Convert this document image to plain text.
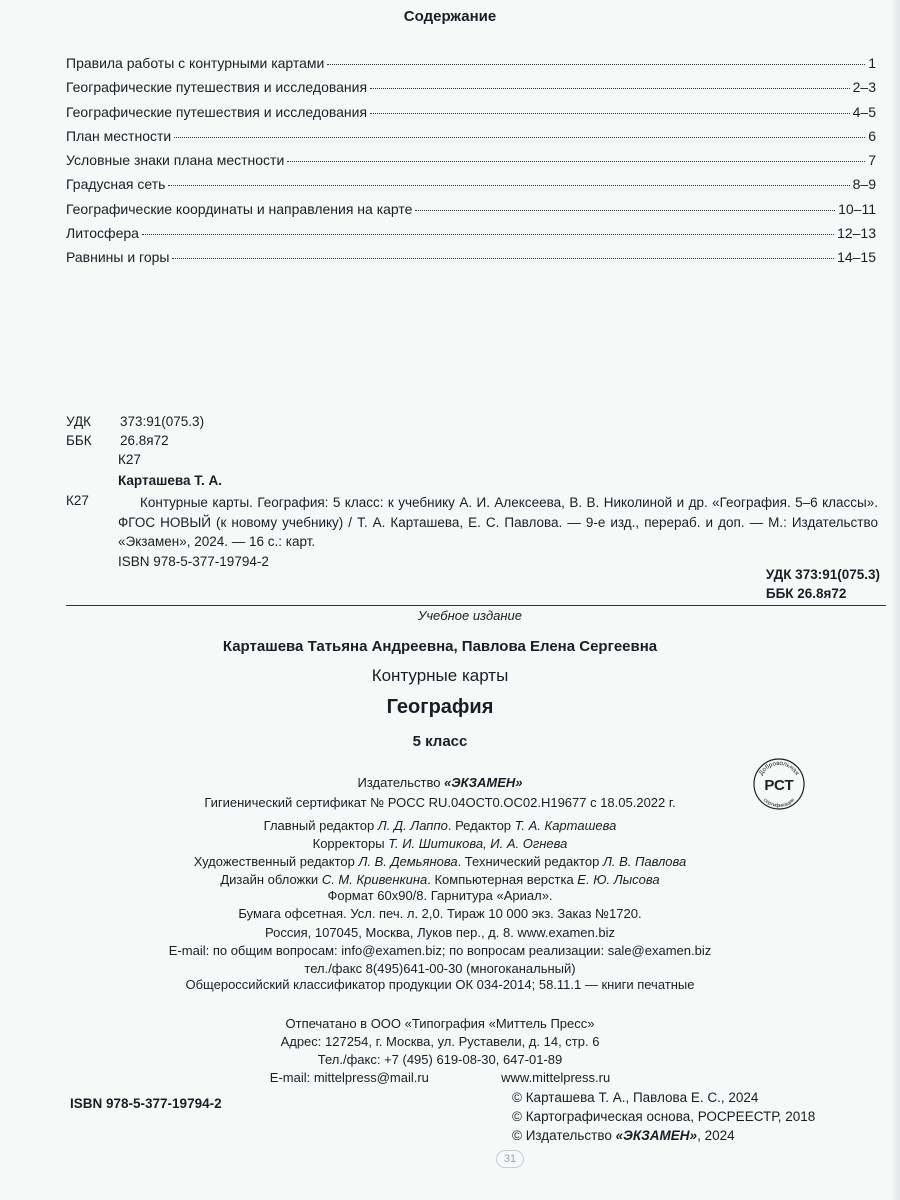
Содержание
Правила работы с контурными картами	1
Географические путешествия и исследования	2–3
Географические путешествия и исследования	4–5
План местности	6
Условные знаки плана местности	7
Градусная сеть	8–9
Географические координаты и направления на карте	10–11
Литосфера	12–13
Равнины и горы	14–15
УДК 373:91(075.3)
ББК 26.8я72
К27
Карташева Т. А.
К27	Контурные карты. География: 5 класс: к учебнику А. И. Алексеева, В. В. Николиной и др. «География. 5–6 классы». ФГОС НОВЫЙ (к новому учебнику) / Т. А. Карташева, Е. С. Павлова. — 9-е изд., перераб. и доп. — М.: Издательство «Экзамен», 2024. — 16 с.: карт.
ISBN 978-5-377-19794-2
УДК 373:91(075.3)
ББК 26.8я72
Учебное издание
Карташева Татьяна Андреевна, Павлова Елена Сергеевна
Контурные карты
География
5 класс
Издательство «ЭКЗАМЕН»
Гигиенический сертификат № РОСС RU.04ОСТ0.ОС02.Н19677 с 18.05.2022 г.
Главный редактор Л. Д. Лаппо. Редактор Т. А. Карташева
Корректоры Т. И. Шитикова, И. А. Огнева
Художественный редактор Л. В. Демьянова. Технический редактор Л. В. Павлова
Дизайн обложки С. М. Кривенкина. Компьютерная верстка Е. Ю. Лысова
Формат 60х90/8. Гарнитура «Ариал».
Бумага офсетная. Усл. печ. л. 2,0. Тираж 10 000 экз. Заказ №1720.
Россия, 107045, Москва, Луков пер., д. 8. www.examen.biz
E-mail: по общим вопросам: info@examen.biz; по вопросам реализации: sale@examen.biz
тел./факс 8(495)641-00-30 (многоканальный)
Общероссийский классификатор продукции ОК 034-2014; 58.11.1 — книги печатные
Отпечатано в ООО «Типография «Миттель Пресс»
Адрес: 127254, г. Москва, ул. Руставели, д. 14, стр. 6
Тел./факс: +7 (495) 619-08-30, 647-01-89
E-mail: mittelpress@mail.ru                    www.mittelpress.ru
ISBN 978-5-377-19794-2	© Карташева Т. А., Павлова Е. С., 2024
© Картографическая основа, РОСРЕЕСТР, 2018
© Издательство «ЭКЗАМЕН», 2024
Добровольная
сертификация
РСТ
31
